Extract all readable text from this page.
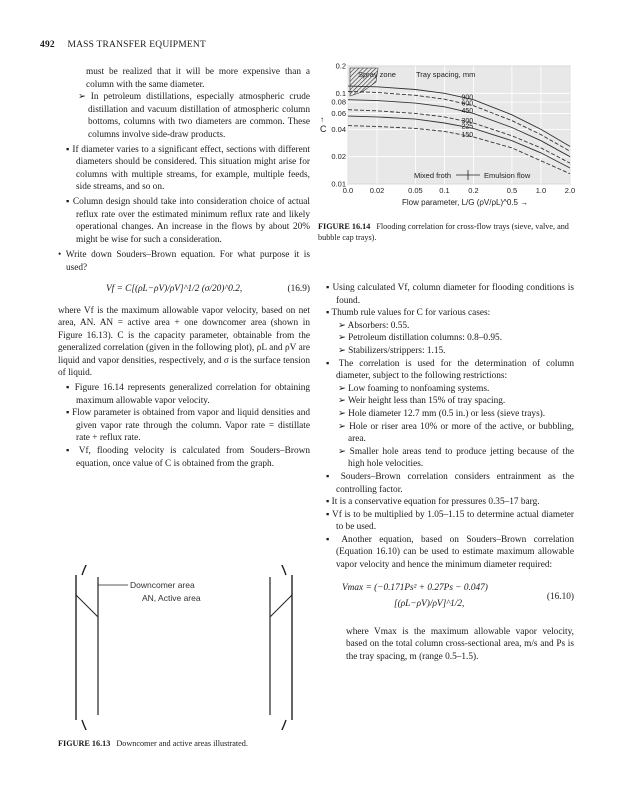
492 MASS TRANSFER EQUIPMENT

must be realized that it will be more expensive than a column with the same diameter.

➢ In petroleum distillations, especially atmospheric crude distillation and vacuum distillation of atmospheric column bottoms, columns with two diameters are common. These columns involve side-draw products.

▪ If diameter varies to a significant effect, sections with different diameters should be considered. This situation might arise for columns with multiple streams, for example, multiple feeds, side streams, and so on.

▪ Column design should take into consideration choice of actual reflux rate over the estimated minimum reflux rate and likely operational changes. An increase in the flows by about 20% might be wise for such a consideration.

• Write down Souders–Brown equation. For what purpose it is used?

Vf = C[(ρL−ρV)/ρV]^1/2 (σ/20)^0.2,	(16.9)

where Vf is the maximum allowable vapor velocity, based on net area, AN. AN = active area + one downcomer area (shown in Figure 16.13). C is the capacity parameter, obtainable from the generalized correlation (given in the following plot), ρL and ρV are liquid and vapor densities, respectively, and σ is the surface tension of liquid.

▪ Figure 16.14 represents generalized correlation for obtaining maximum allowable vapor velocity.

▪ Flow parameter is obtained from vapor and liquid densities and given vapor rate through the column. Vapor rate = distillate rate + reflux rate.

▪ Vf, flooding velocity is calculated from Souders–Brown equation, once value of C is obtained from the graph.

Downcomer area
AN, Active area
FIGURE 16.13 Downcomer and active areas illustrated.
0.0 0.02	0.05 0.1 0.2	0.5 1.0 2.0
0.2
0.1
0.08
0.06
0.04
0.02
0.01
900
600
450
300
225
150
Spray zone	Tray spacing, mm
Mixed froth	Emulsion flow
C
↑
Flow parameter, L/G (ρV/ρL)^0.5 →
FIGURE 16.14 Flooding correlation for cross-flow trays (sieve, valve, and bubble cap trays).

▪ Using calculated Vf, column diameter for flooding conditions is found.

▪ Thumb rule values for C for various cases:

➢ Absorbers: 0.55.

➢ Petroleum distillation columns: 0.8–0.95.

➢ Stabilizers/strippers: 1.15.

▪ The correlation is used for the determination of column diameter, subject to the following restrictions:

➢ Low foaming to nonfoaming systems.

➢ Weir height less than 15% of tray spacing.

➢ Hole diameter 12.7 mm (0.5 in.) or less (sieve trays).

➢ Hole or riser area 10% or more of the active, or bubbling, area.

➢ Smaller hole areas tend to produce jetting because of the high hole velocities.

▪ Souders–Brown correlation considers entrainment as the controlling factor.

▪ It is a conservative equation for pressures 0.35–17 barg.

▪ Vf is to be multiplied by 1.05–1.15 to determine actual diameter to be used.

▪ Another equation, based on Souders–Brown correlation (Equation 16.10) can be used to estimate maximum allowable vapor velocity and hence the minimum diameter required:

Vmax = (−0.171Ps² + 0.27Ps − 0.047)
[(ρL−ρV)/ρV]^1/2,
(16.10)

where Vmax is the maximum allowable vapor velocity, based on the total column cross-sectional area, m/s and Ps is the tray spacing, m (range 0.5–1.5).
